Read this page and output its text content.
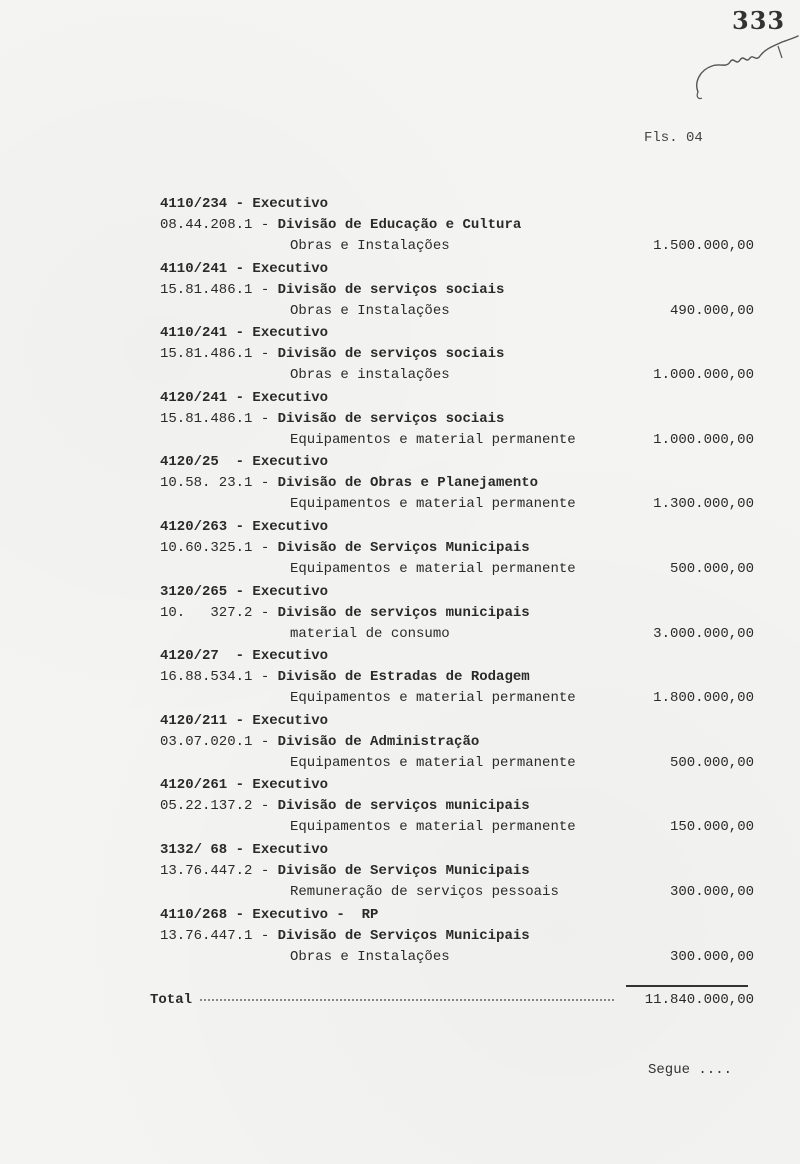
333
Fls. 04
4110/234 - Executivo
08.44.208.1 - Divisão de Educação e Cultura
Obras e Instalações	1.500.000,00
4110/241 - Executivo
15.81.486.1 - Divisão de serviços sociais
Obras e Instalações	490.000,00
4110/241 - Executivo
15.81.486.1 - Divisão de serviços sociais
Obras e instalações	1.000.000,00
4120/241 - Executivo
15.81.486.1 - Divisão de serviços sociais
Equipamentos e material permanente	1.000.000,00
4120/25  - Executivo
10.58. 23.1 - Divisão de Obras e Planejamento
Equipamentos e material permanente	1.300.000,00
4120/263 - Executivo
10.60.325.1 - Divisão de Serviços Municipais
Equipamentos e material permanente	500.000,00
3120/265 - Executivo
10.   327.2 - Divisão de serviços municipais
material de consumo	3.000.000,00
4120/27  - Executivo
16.88.534.1 - Divisão de Estradas de Rodagem
Equipamentos e material permanente	1.800.000,00
4120/211 - Executivo
03.07.020.1 - Divisão de Administração
Equipamentos e material permanente	500.000,00
4120/261 - Executivo
05.22.137.2 - Divisão de serviços municipais
Equipamentos e material permanente	150.000,00
3132/ 68 - Executivo
13.76.447.2 - Divisão de Serviços Municipais
Remuneração de serviços pessoais	300.000,00
4110/268 - Executivo -  RP
13.76.447.1 - Divisão de Serviços Municipais
Obras e Instalações	300.000,00
Total	11.840.000,00
Segue ....
